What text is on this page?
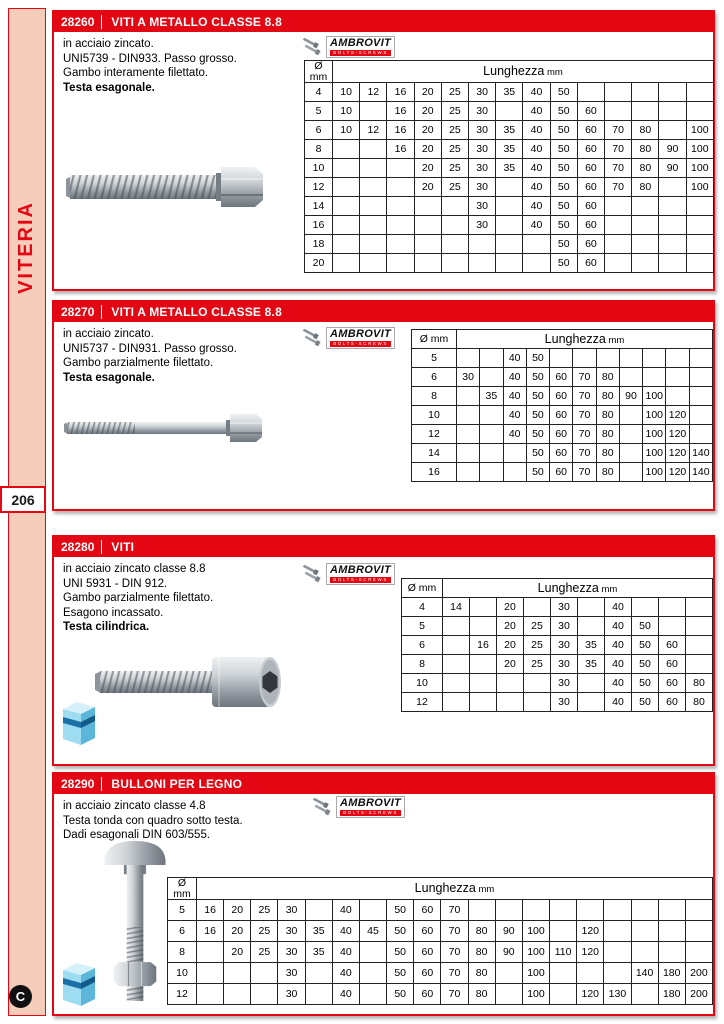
VITERIA
206
C
28260	VITI A METALLO CLASSE 8.8
in acciaio zincato.
UNI5739 - DIN933. Passo grosso.
Gambo interamente filettato.
Testa esagonale.
AMBROVIT
BOLTS-SCREWS
Ø mm	Lunghezza mm													
4	10	12	16	20	25	30	35	40	50					
5	10		16	20	25	30		40	50	60				
6	10	12	16	20	25	30	35	40	50	60	70	80		100
8			16	20	25	30	35	40	50	60	70	80	90	100
10				20	25	30	35	40	50	60	70	80	90	100
12				20	25	30		40	50	60	70	80		100
14						30		40	50	60				
16						30		40	50	60				
18									50	60				
20									50	60				
28270	VITI A METALLO CLASSE 8.8
in acciaio zincato.
UNI5737 - DIN931. Passo grosso.
Gambo parzialmente filettato.
Testa esagonale.
AMBROVIT
BOLTS-SCREWS	Ø mm	Lunghezza mm										
5			40	50							
6	30		40	50	60	70	80				
8		35	40	50	60	70	80	90	100		
10			40	50	60	70	80		100	120	
12			40	50	60	70	80		100	120	
14				50	60	70	80		100	120	140
16				50	60	70	80		100	120	140
28280	VITI
in acciaio zincato classe 8.8
UNI 5931 - DIN 912.
Gambo parzialmente filettato.
Esagono incassato.
Testa cilindrica.
AMBROVIT
BOLTS-SCREWS
Ø mm	Lunghezza mm									
4	14		20		30		40			
5			20	25	30		40	50		
6		16	20	25	30	35	40	50	60	
8			20	25	30	35	40	50	60	
10					30		40	50	60	80
12					30		40	50	60	80
28290	BULLONI PER LEGNO
in acciaio zincato classe 4.8
Testa tonda con quadro sotto testa.
Dadi esagonali DIN 603/555.
AMBROVIT
BOLTS-SCREWS
Ø mm	Lunghezza mm																		
5	16	20	25	30		40		50	60	70									
6	16	20	25	30	35	40	45	50	60	70	80	90	100		120				
8		20	25	30	35	40		50	60	70	80	90	100	110	120				
10				30		40		50	60	70	80		100				140	180	200
12				30		40		50	60	70	80		100		120	130		180	200
